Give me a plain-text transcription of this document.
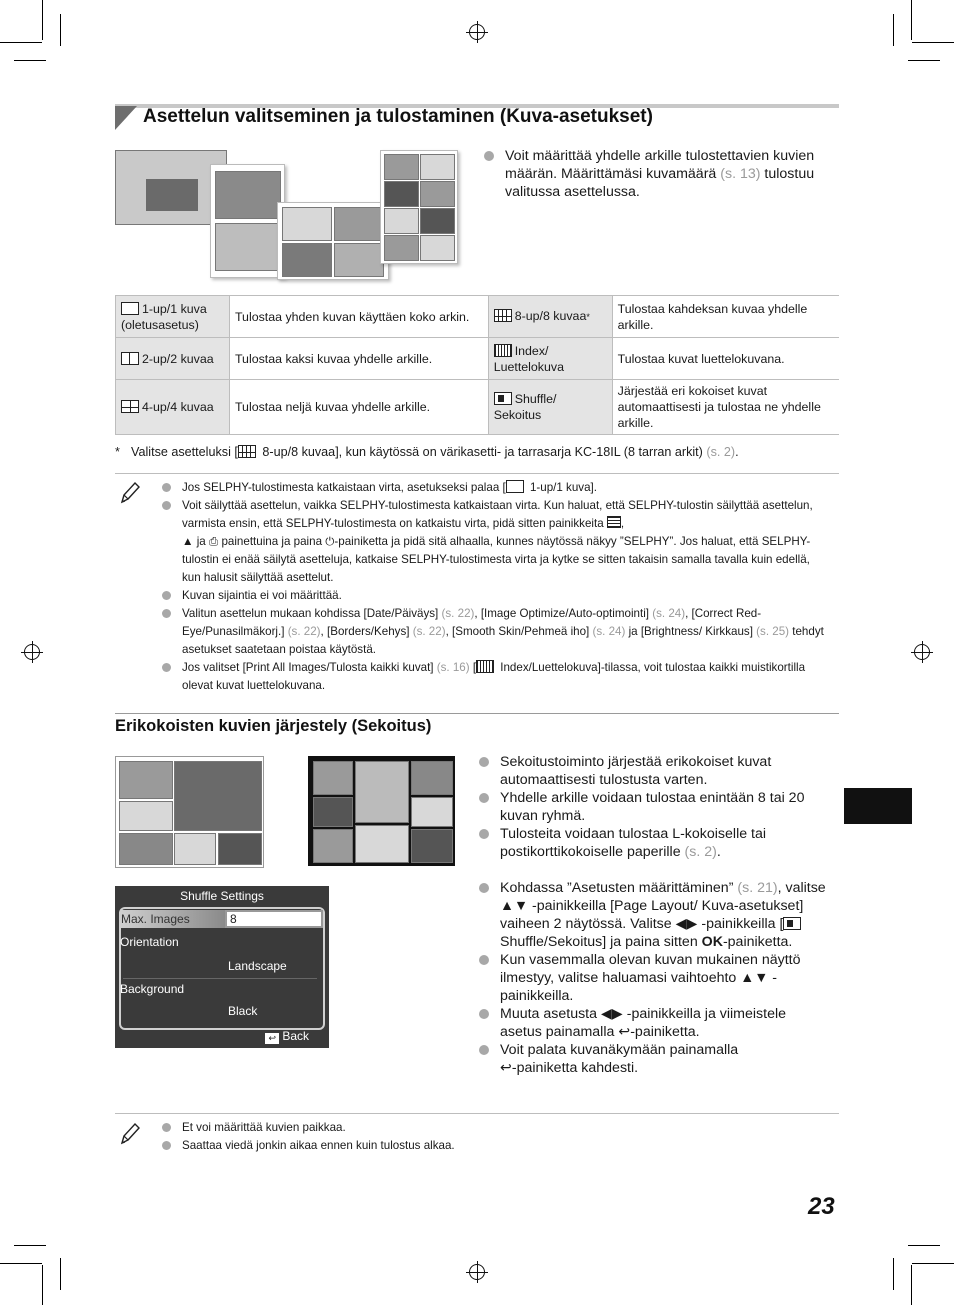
Asettelun valitseminen ja tulostaminen (Kuva-asetukset)
Voit määrittää yhdelle arkille tulostettavien kuvien määrän. Määrittämäsi kuvamäärä (s. 13) tulostuu valitussa asettelussa.
1-up/1 kuva (oletusasetus)	Tulostaa yhden kuvan käyttäen koko arkin.	8-up/8 kuvaa*	Tulostaa kahdeksan kuvaa yhdelle arkille.
2-up/2 kuvaa	Tulostaa kaksi kuvaa yhdelle arkille.	Index/ Luettelokuva	Tulostaa kuvat luettelokuvana.
4-up/4 kuvaa	Tulostaa neljä kuvaa yhdelle arkille.	Shuffle/ Sekoitus	Järjestää eri kokoiset kuvat automaattisesti ja tulostaa ne yhdelle arkille.
* Valitse asetteluksi [ 8-up/8 kuvaa], kun käytössä on värikasetti- ja tarrasarja KC-18IL (8 tarran arkit) (s. 2).
Jos SELPHY-tulostimesta katkaistaan virta, asetukseksi palaa [ 1-up/1 kuva].
Voit säilyttää asettelun, vaikka SELPHY-tulostimesta katkaistaan virta. Kun haluat, että SELPHY-tulostin säilyttää asettelun, varmista ensin, että SELPHY-tulostimesta on katkaistu virta, pidä sitten painikkeita ,
▲ ja ⎙ painettuina ja paina ⏻-painiketta ja pidä sitä alhaalla, kunnes näytössä näkyy ”SELPHY”. Jos haluat, että SELPHY-tulostin ei enää säilytä asetteluja, katkaise SELPHY-tulostimesta virta ja kytke se sitten takaisin samalla tavalla kuin edellä, kun halusit säilyttää asettelut.
Kuvan sijaintia ei voi määrittää.
Valitun asettelun mukaan kohdissa [Date/Päiväys] (s. 22), [Image Optimize/Auto-optimointi] (s. 24), [Correct Red-Eye/Punasilmäkorj.] (s. 22), [Borders/Kehys] (s. 22), [Smooth Skin/Pehmeä iho] (s. 24) ja [Brightness/ Kirkkaus] (s. 25) tehdyt asetukset saatetaan poistaa käytöstä.
Jos valitset [Print All Images/Tulosta kaikki kuvat] (s. 16) [ Index/Luettelokuva]-tilassa, voit tulostaa kaikki muistikortilla olevat kuvat luettelokuvana.
Erikokoisten kuvien järjestely (Sekoitus)
Sekoitustoiminto järjestää erikokoiset kuvat automaattisesti tulostusta varten.
Yhdelle arkille voidaan tulostaa enintään 8 tai 20 kuvan ryhmä.
Tulosteita voidaan tulostaa L-kokoiselle tai postikorttikokoiselle paperille (s. 2).
Shuffle Settings
Max. Images	8
Orientation
Landscape
Background
Black
↩ Back
Kohdassa ”Asetusten määrittäminen” (s. 21), valitse ▲▼ -painikkeilla [Page Layout/ Kuva-asetukset] vaiheen 2 näytössä. Valitse ◀▶ -painikkeilla [ Shuffle/Sekoitus] ja paina sitten OK-painiketta.
Kun vasemmalla olevan kuvan mukainen näyttö ilmestyy, valitse haluamasi vaihtoehto ▲▼ -painikkeilla.
Muuta asetusta ◀▶ -painikkeilla ja viimeistele asetus painamalla ↩-painiketta.
Voit palata kuvanäkymään painamalla
↩-painiketta kahdesti.
Et voi määrittää kuvien paikkaa.
Saattaa viedä jonkin aikaa ennen kuin tulostus alkaa.
23
